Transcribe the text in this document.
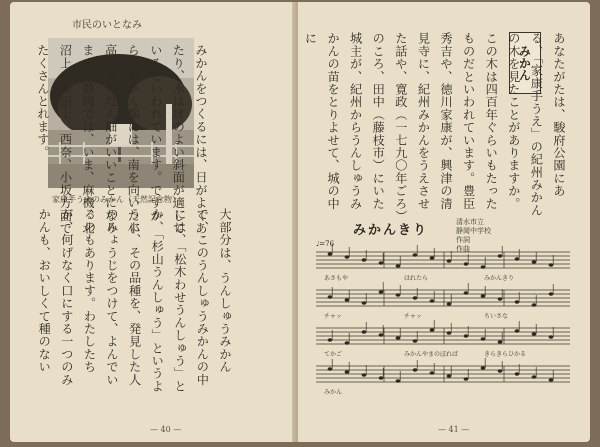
市民のいとなみ
家康手うえのみかん（天然記念物）	みかんをつくるには、日がよくあたり、水はけのよい斜面が適しているといわれています。ですから、みかん畑には、南を向いた小高いだんだん畑がいいことになります。静岡では、いま、麻機、北沼上、南沼上、西奈、小坂方面でたくさんとれます。
大部分は、うんしゅうみかんで、このうんしゅうみかんの中には、「松木わせうんしゅう」とか、「杉山うんしゅう」というように、その品種を、発見した人のみょうじをつけて、よんでいるのもあります。わたしたちが、何げなく口にする一つのみかんも、おいしくて種のない
— 40 —
みかん	あなたがたは、駿府公園にある、「家康手うえ」の紀州みかんの木を見たことがありますか。この木は四百年ぐらいもたったものだといわれています。豊臣秀吉や、徳川家康が、興津の清見寺に、紀州みかんをうえさせた話や、寛政（一七九〇年ごろ）のころ、田中（藤枝市）にいた城主が、紀州からうんしゅうみかんの苗をとりよせて、城の中に
みかんきり
清水市立
静岡中学校
作詞
作曲
♩=76
あさもや	はれたら	みかんきり
チャッ	チャッ	ちいさな
てかご	みかんやまのぼれば	きらきらひかる
みかん
— 41 —
